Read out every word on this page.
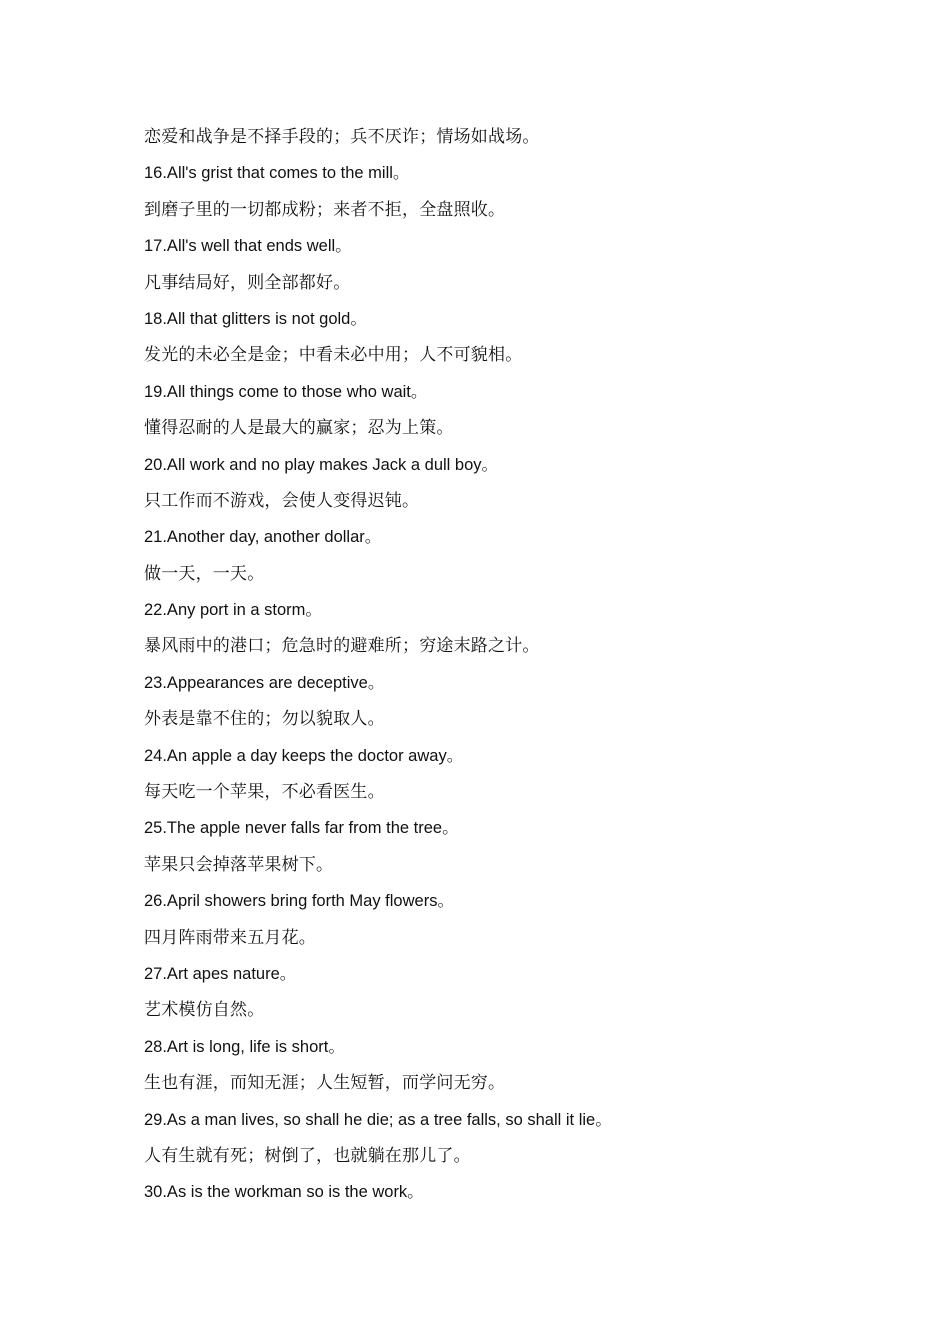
恋爱和战争是不择手段的；兵不厌诈；情场如战场。
16.All's grist that comes to the mill。
到磨子里的一切都成粉；来者不拒，全盘照收。
17.All's well that ends well。
凡事结局好，则全部都好。
18.All that glitters is not gold。
发光的未必全是金；中看未必中用；人不可貌相。
19.All things come to those who wait。
懂得忍耐的人是最大的赢家；忍为上策。
20.All work and no play makes Jack a dull boy。
只工作而不游戏，会使人变得迟钝。
21.Another day, another dollar。
做一天，一天。
22.Any port in a storm。
暴风雨中的港口；危急时的避难所；穷途末路之计。
23.Appearances are deceptive。
外表是靠不住的；勿以貌取人。
24.An apple a day keeps the doctor away。
每天吃一个苹果，不必看医生。
25.The apple never falls far from the tree。
苹果只会掉落苹果树下。
26.April showers bring forth May flowers。
四月阵雨带来五月花。
27.Art apes nature。
艺术模仿自然。
28.Art is long, life is short。
生也有涯，而知无涯；人生短暂，而学问无穷。
29.As a man lives, so shall he die; as a tree falls, so shall it lie。
人有生就有死；树倒了，也就躺在那儿了。
30.As is the workman so is the work。
